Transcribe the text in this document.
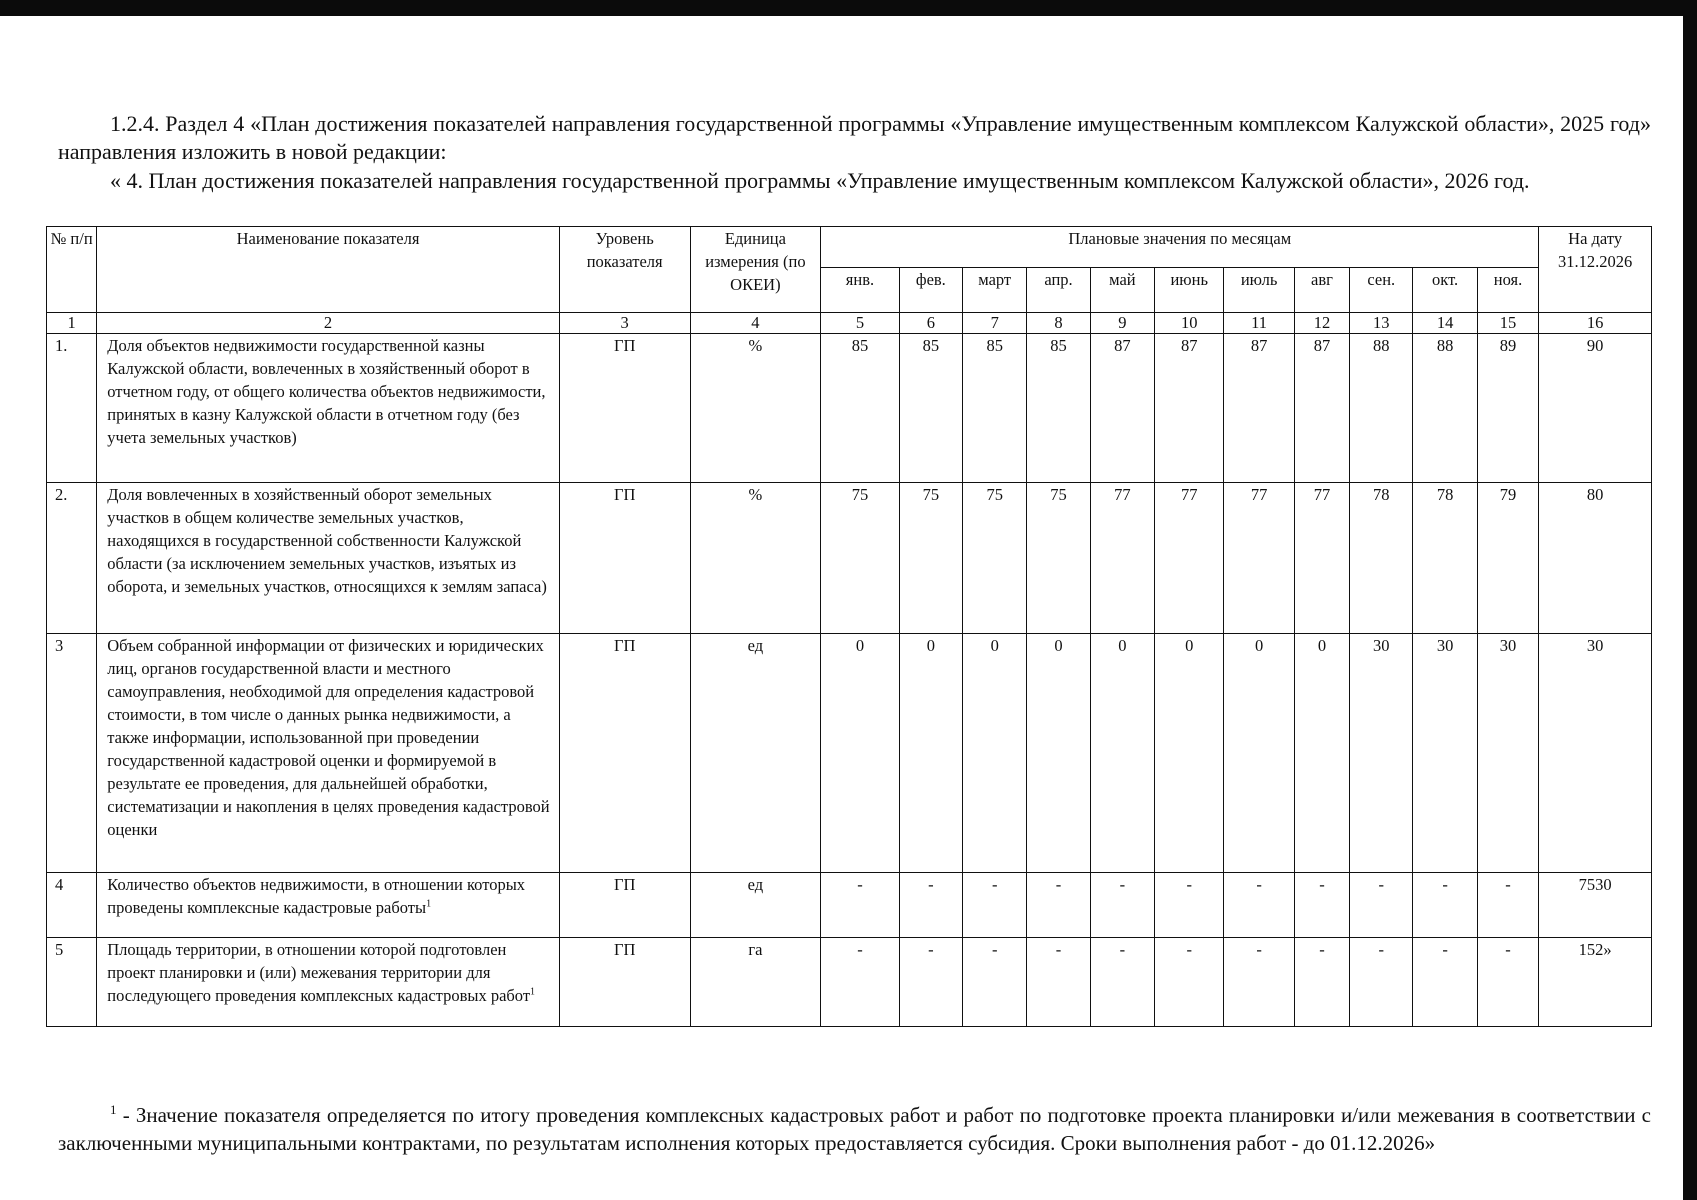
1.2.4. Раздел 4 «План достижения показателей направления государственной программы «Управление имущественным комплексом Калужской области», 2025 год» направления изложить в новой редакции:

« 4. План достижения показателей направления государственной программы «Управление имущественным комплексом Калужской области», 2026 год.

№ п/п	Наименование показателя	Уровень показателя	Единица измерения (по ОКЕИ)	Плановые значения по месяцам											На дату 31.12.2026
				янв.	фев.	март	апр.	май	июнь	июль	авг	сен.	окт.	ноя.	
1	2	3	4	5	6	7	8	9	10	11	12	13	14	15	16
1.	Доля объектов недвижимости государственной казны Калужской области, вовлеченных в хозяйственный оборот в отчетном году, от общего количества объектов недвижимости, принятых в казну Калужской области в отчетном году (без учета земельных участков)	ГП	%	85	85	85	85	87	87	87	87	88	88	89	90
2.	Доля вовлеченных в хозяйственный оборот земельных участков в общем количестве земельных участков, находящихся в государственной собственности Калужской области (за исключением земельных участков, изъятых из оборота, и земельных участков, относящихся к землям запаса)	ГП	%	75	75	75	75	77	77	77	77	78	78	79	80
3	Объем собранной информации от физических и юридических лиц, органов государственной власти и местного самоуправления, необходимой для определения кадастровой стоимости, в том числе о данных рынка недвижимости, а также информации, использованной при проведении государственной кадастровой оценки и формируемой в результате ее проведения, для дальнейшей обработки, систематизации и накопления в целях проведения кадастровой оценки	ГП	ед	0	0	0	0	0	0	0	0	30	30	30	30
4	Количество объектов недвижимости, в отношении которых проведены комплексные кадастровые работы$^1$	ГП	ед	-	-	-	-	-	-	-	-	-	-	-	7530
5	Площадь территории, в отношении которой подготовлен проект планировки и (или) межевания территории для последующего проведения комплексных кадастровых работ$^1$	ГП	га	-	-	-	-	-	-	-	-	-	-	-	152»
$^1$ - Значение показателя определяется по итогу проведения комплексных кадастровых работ и работ по подготовке проекта планировки и/или межевания в соответствии с заключенными муниципальными контрактами, по результатам исполнения которых предоставляется субсидия. Сроки выполнения работ - до 01.12.2026»
